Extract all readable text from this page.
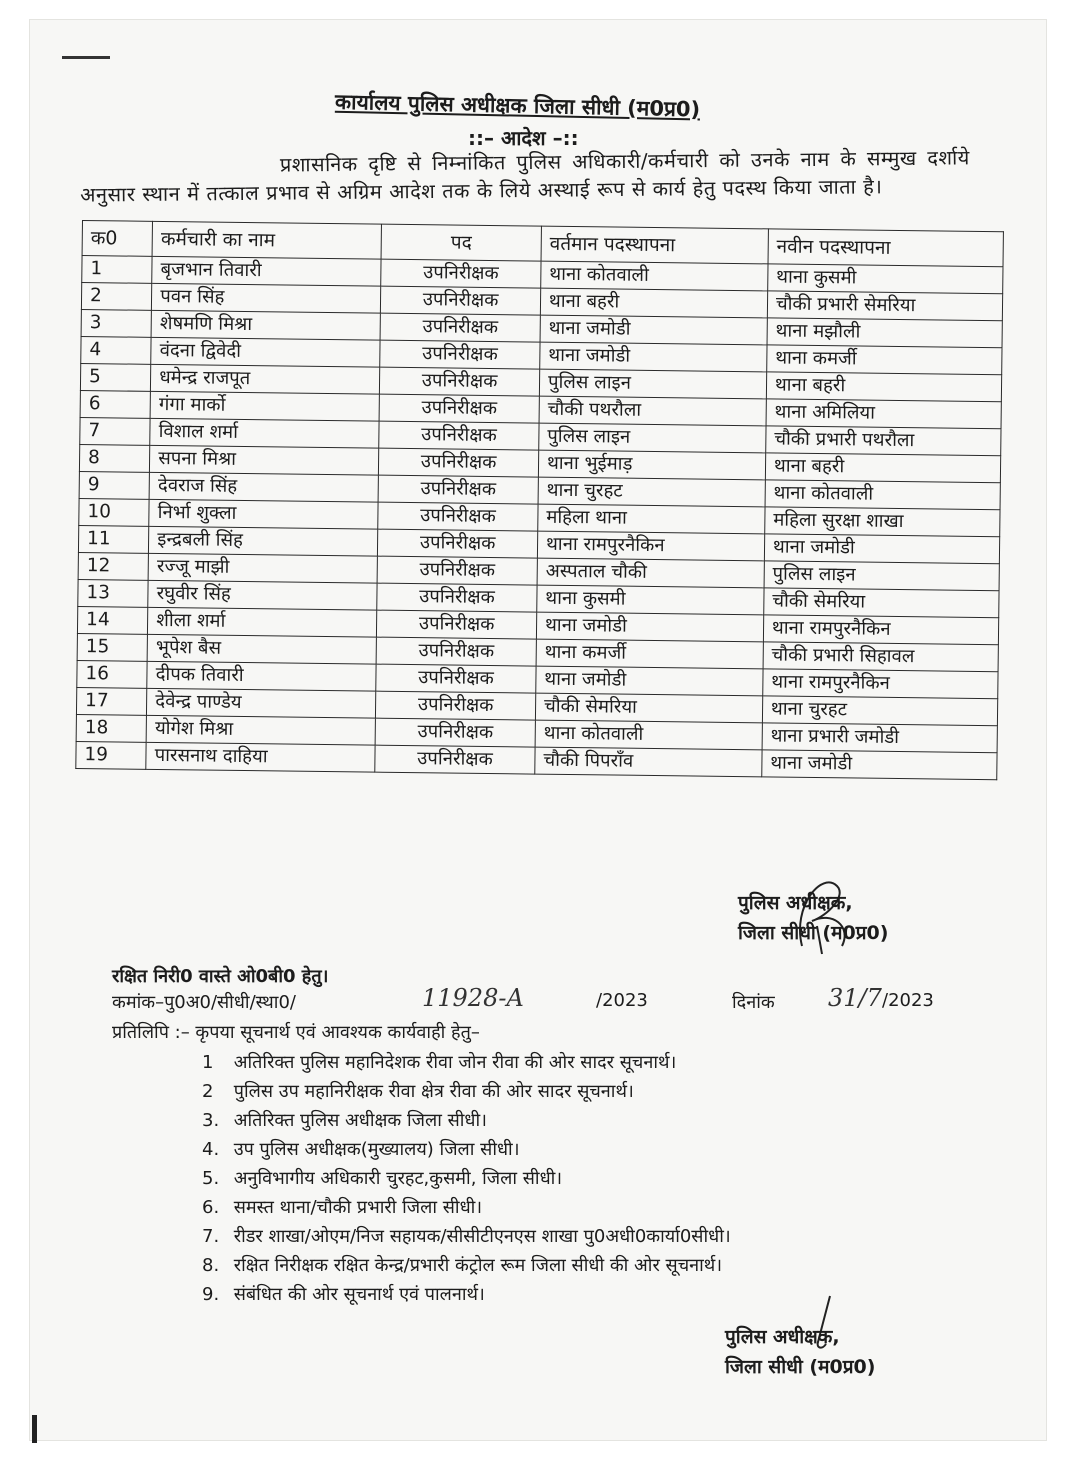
कार्यालय पुलिस अधीक्षक जिला सीधी (म0प्र0)
::– आदेश –::
प्रशासनिक दृष्टि से निम्नांकित पुलिस अधिकारी/कर्मचारी को उनके नाम के सम्मुख दर्शाये अनुसार स्थान में तत्काल प्रभाव से अग्रिम आदेश तक के लिये अस्थाई रूप से कार्य हेतु पदस्थ किया जाता है।
क0	कर्मचारी का नाम	पद	वर्तमान पदस्थापना	नवीन पदस्थापना
1	बृजभान तिवारी	उपनिरीक्षक	थाना कोतवाली	थाना कुसमी
2	पवन सिंह	उपनिरीक्षक	थाना बहरी	चौकी प्रभारी सेमरिया
3	शेषमणि मिश्रा	उपनिरीक्षक	थाना जमोडी	थाना मझौली
4	वंदना द्विवेदी	उपनिरीक्षक	थाना जमोडी	थाना कमर्जी
5	धमेन्द्र राजपूत	उपनिरीक्षक	पुलिस लाइन	थाना बहरी
6	गंगा मार्को	उपनिरीक्षक	चौकी पथरौला	थाना अमिलिया
7	विशाल शर्मा	उपनिरीक्षक	पुलिस लाइन	चौकी प्रभारी पथरौला
8	सपना मिश्रा	उपनिरीक्षक	थाना भुईमाड़	थाना बहरी
9	देवराज सिंह	उपनिरीक्षक	थाना चुरहट	थाना कोतवाली
10	निर्भा शुक्ला	उपनिरीक्षक	महिला थाना	महिला सुरक्षा शाखा
11	इन्द्रबली सिंह	उपनिरीक्षक	थाना रामपुरनैकिन	थाना जमोडी
12	रज्जू माझी	उपनिरीक्षक	अस्पताल चौकी	पुलिस लाइन
13	रघुवीर सिंह	उपनिरीक्षक	थाना कुसमी	चौकी सेमरिया
14	शीला शर्मा	उपनिरीक्षक	थाना जमोडी	थाना रामपुरनैकिन
15	भूपेश बैस	उपनिरीक्षक	थाना कमर्जी	चौकी प्रभारी सिहावल
16	दीपक तिवारी	उपनिरीक्षक	थाना जमोडी	थाना रामपुरनैकिन
17	देवेन्द्र पाण्डेय	उपनिरीक्षक	चौकी सेमरिया	थाना चुरहट
18	योगेश मिश्रा	उपनिरीक्षक	थाना कोतवाली	थाना प्रभारी जमोडी
19	पारसनाथ दाहिया	उपनिरीक्षक	चौकी पिपराँव	थाना जमोडी
पुलिस अधीक्षक,
जिला सीधी (म0प्र0)
रक्षित निरी0 वास्ते ओ0बी0 हेतु।
कमांक–पु0अ0/सीधी/स्था0/	11928-A	/2023	दिनांक 31/7 /2023
प्रतिलिपि :– कृपया सूचनार्थ एवं आवश्यक कार्यवाही हेतु–
1 अतिरिक्त पुलिस महानिदेशक रीवा जोन रीवा की ओर सादर सूचनार्थ।
2 पुलिस उप महानिरीक्षक रीवा क्षेत्र रीवा की ओर सादर सूचनार्थ।
3. अतिरिक्त पुलिस अधीक्षक जिला सीधी।
4. उप पुलिस अधीक्षक(मुख्यालय) जिला सीधी।
5. अनुविभागीय अधिकारी चुरहट,कुसमी, जिला सीधी।
6. समस्त थाना/चौकी प्रभारी जिला सीधी।
7. रीडर शाखा/ओएम/निज सहायक/सीसीटीएनएस शाखा पु0अधी0कार्या0सीधी।
8. रक्षित निरीक्षक रक्षित केन्द्र/प्रभारी कंट्रोल रूम जिला सीधी की ओर सूचनार्थ।
9. संबंधित की ओर सूचनार्थ एवं पालनार्थ।
पुलिस अधीक्षक,
जिला सीधी (म0प्र0)
